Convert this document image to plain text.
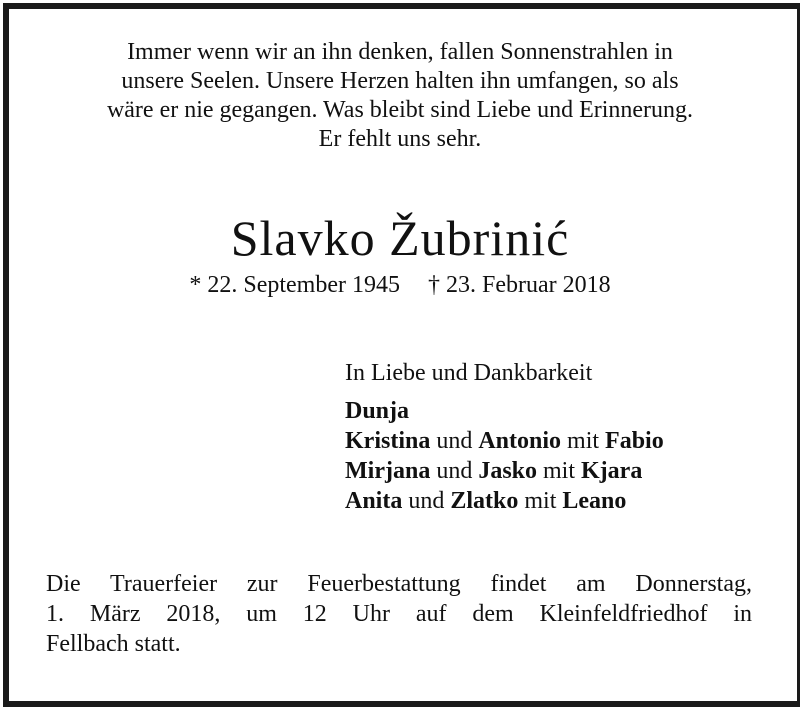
Immer wenn wir an ihn denken, fallen Sonnenstrahlen in
unsere Seelen. Unsere Herzen halten ihn umfangen, so als
wäre er nie gegangen. Was bleibt sind Liebe und Erinnerung.
Er fehlt uns sehr.
Slavko Žubrinić
* 22. September 1945 † 23. Februar 2018
In Liebe und Dankbarkeit
Dunja
Kristina und Antonio mit Fabio
Mirjana und Jasko mit Kjara
Anita und Zlatko mit Leano
Die Trauerfeier zur Feuerbestattung findet am Donnerstag,
1. März 2018, um 12 Uhr auf dem Kleinfeldfriedhof in
Fellbach statt.
